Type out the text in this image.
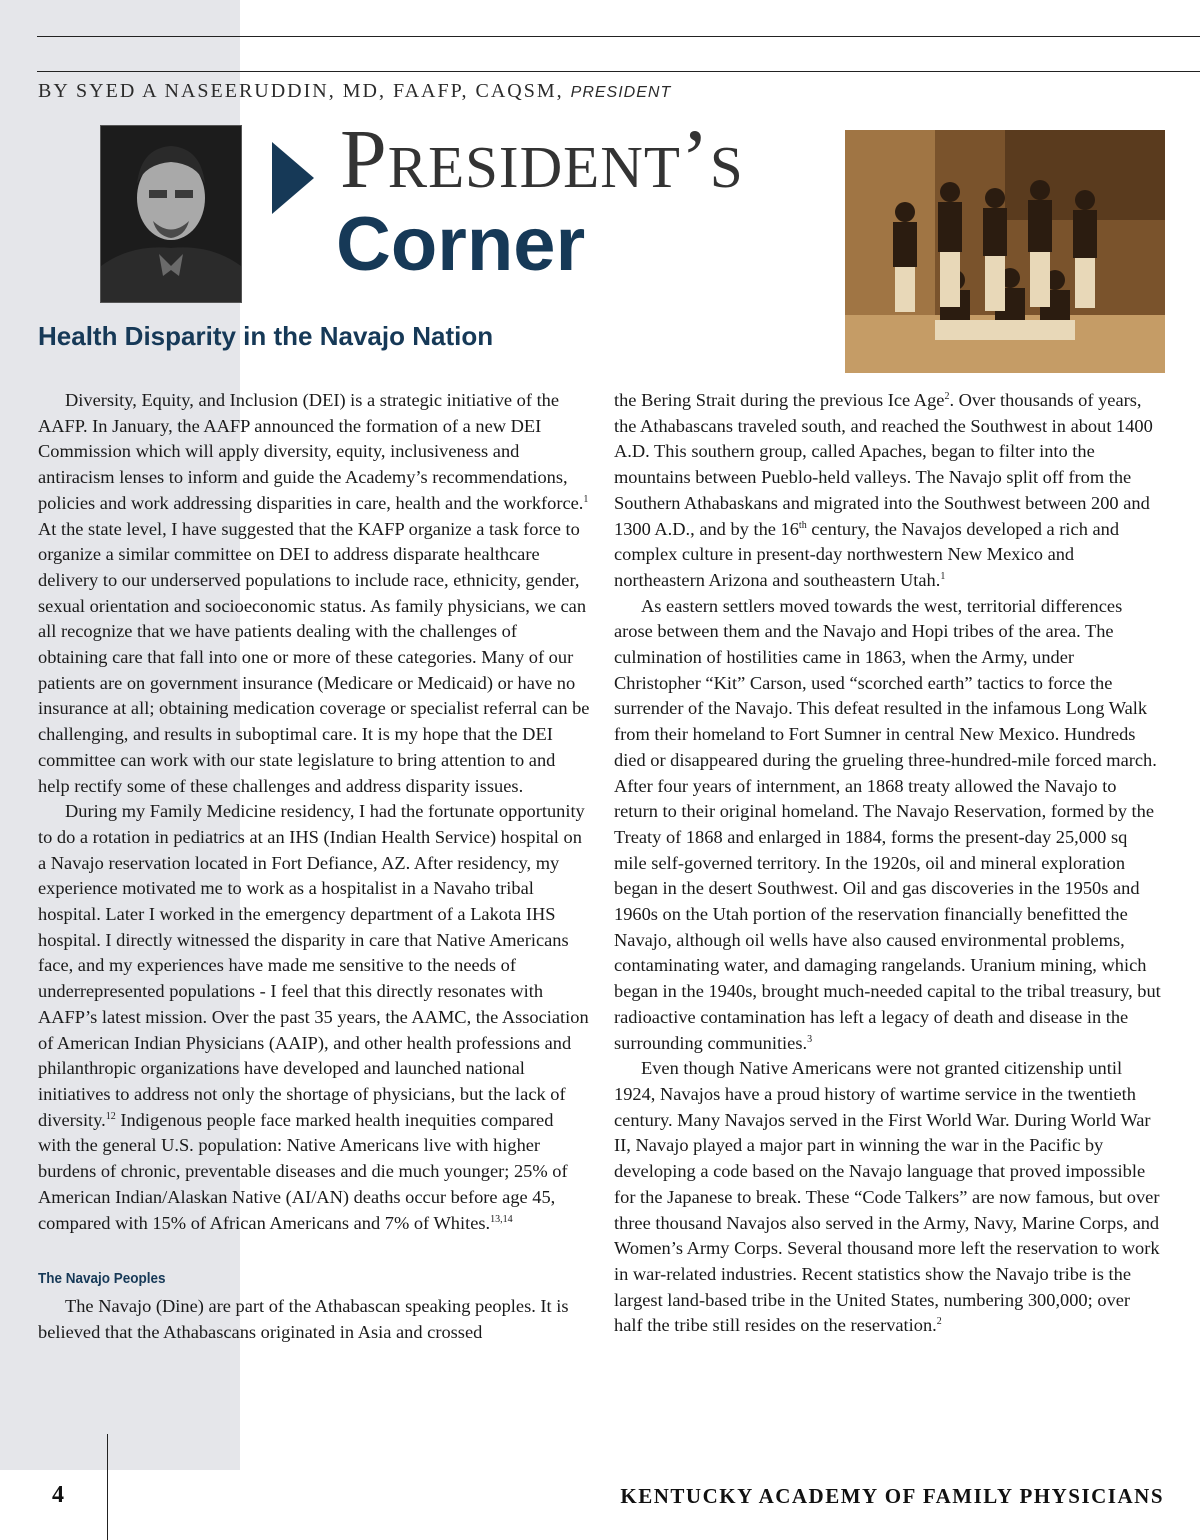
BY SYED A NASEERUDDIN, MD, FAAFP, CAQSM, PRESIDENT
President’s
Corner
Health Disparity in the Navajo Nation

Diversity, Equity, and Inclusion (DEI) is a strategic initiative of the AAFP. In January, the AAFP announced the formation of a new DEI Commission which will apply diversity, equity, inclusiveness and antiracism lenses to inform and guide the Academy’s recommendations, policies and work addressing disparities in care, health and the workforce.$^1$ At the state level, I have suggested that the KAFP organize a task force to organize a similar committee on DEI to address disparate healthcare delivery to our underserved populations to include race, ethnicity, gender, sexual orientation and socioeconomic status. As family physicians, we can all recognize that we have patients dealing with the challenges of obtaining care that fall into one or more of these categories. Many of our patients are on government insurance (Medicare or Medicaid) or have no insurance at all; obtaining medication coverage or specialist referral can be challenging, and results in suboptimal care. It is my hope that the DEI committee can work with our state legislature to bring attention to and help rectify some of these challenges and address disparity issues.

During my Family Medicine residency, I had the fortunate opportunity to do a rotation in pediatrics at an IHS (Indian Health Service) hospital on a Navajo reservation located in Fort Defiance, AZ. After residency, my experience motivated me to work as a hospitalist in a Navaho tribal hospital. Later I worked in the emergency department of a Lakota IHS hospital. I directly witnessed the disparity in care that Native Americans face, and my experiences have made me sensitive to the needs of underrepresented populations - I feel that this directly resonates with AAFP’s latest mission. Over the past 35 years, the AAMC, the Association of American Indian Physicians (AAIP), and other health professions and philanthropic organizations have developed and launched national initiatives to address not only the shortage of physicians, but the lack of diversity.$^{12}$ Indigenous people face marked health inequities compared with the general U.S. population: Native Americans live with higher burdens of chronic, preventable diseases and die much younger; 25% of American Indian/Alaskan Native (AI/AN) deaths occur before age 45, compared with 15% of African Americans and 7% of Whites.$^{13,14}$

The Navajo Peoples

The Navajo (Dine) are part of the Athabascan speaking peoples. It is believed that the Athabascans originated in Asia and crossed

the Bering Strait during the previous Ice Age$^2$. Over thousands of years, the Athabascans traveled south, and reached the Southwest in about 1400 A.D. This southern group, called Apaches, began to filter into the mountains between Pueblo-held valleys. The Navajo split off from the Southern Athabaskans and migrated into the Southwest between 200 and 1300 A.D., and by the 16th century, the Navajos developed a rich and complex culture in present-day northwestern New Mexico and northeastern Arizona and southeastern Utah.$^1$

As eastern settlers moved towards the west, territorial differences arose between them and the Navajo and Hopi tribes of the area. The culmination of hostilities came in 1863, when the Army, under Christopher “Kit” Carson, used “scorched earth” tactics to force the surrender of the Navajo. This defeat resulted in the infamous Long Walk from their homeland to Fort Sumner in central New Mexico. Hundreds died or disappeared during the grueling three-hundred-mile forced march. After four years of internment, an 1868 treaty allowed the Navajo to return to their original homeland. The Navajo Reservation, formed by the Treaty of 1868 and enlarged in 1884, forms the present-day 25,000 sq mile self-governed territory. In the 1920s, oil and mineral exploration began in the desert Southwest. Oil and gas discoveries in the 1950s and 1960s on the Utah portion of the reservation financially benefitted the Navajo, although oil wells have also caused environmental problems, contaminating water, and damaging rangelands. Uranium mining, which began in the 1940s, brought much-needed capital to the tribal treasury, but radioactive contamination has left a legacy of death and disease in the surrounding communities.$^3$

Even though Native Americans were not granted citizenship until 1924, Navajos have a proud history of wartime service in the twentieth century. Many Navajos served in the First World War. During World War II, Navajo played a major part in winning the war in the Pacific by developing a code based on the Navajo language that proved impossible for the Japanese to break. These “Code Talkers” are now famous, but over three thousand Navajos also served in the Army, Navy, Marine Corps, and Women’s Army Corps. Several thousand more left the reservation to work in war-related industries. Recent statistics show the Navajo tribe is the largest land-based tribe in the United States, numbering 300,000; over half the tribe still resides on the reservation.$^2$

4	KENTUCKY ACADEMY OF FAMILY PHYSICIANS
